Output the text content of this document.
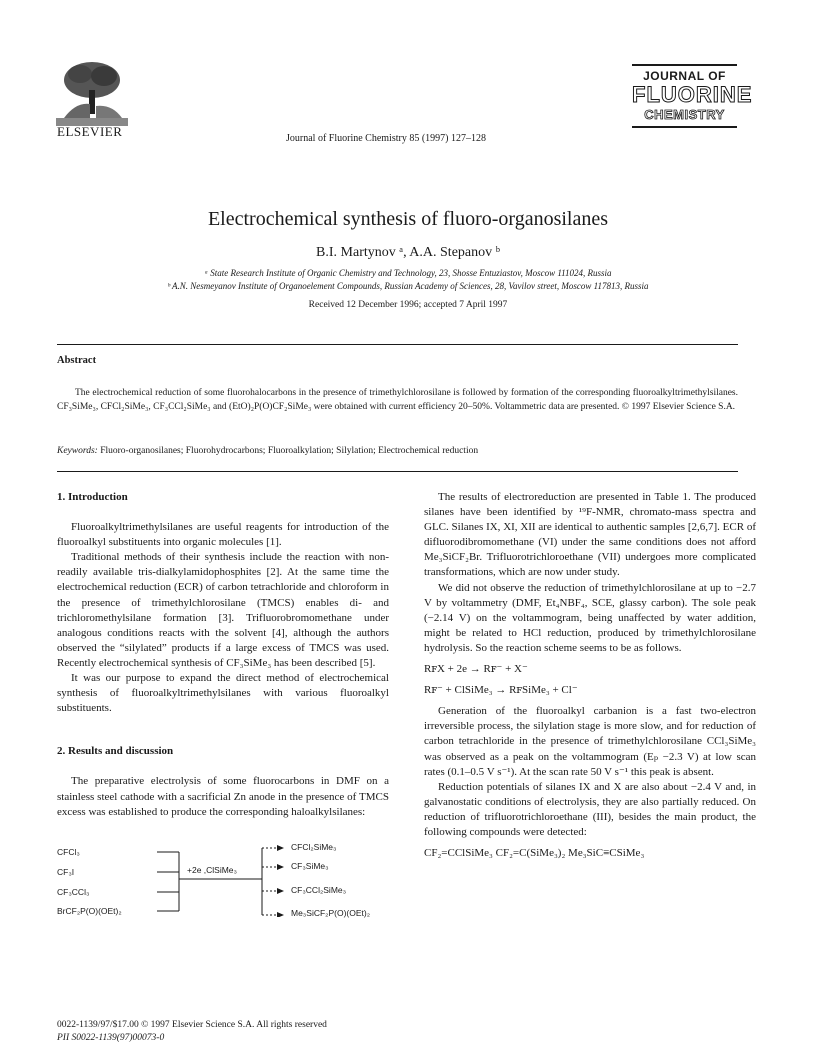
ELSEVIER	Journal of Fluorine Chemistry 85 (1997) 127–128
JOURNAL OF
FLUORINE
CHEMISTRY
Electrochemical synthesis of fluoro-organosilanes
B.I. Martynov ᵃ, A.A. Stepanov ᵇ
ᵃ State Research Institute of Organic Chemistry and Technology, 23, Shosse Entuziastov, Moscow 111024, Russia
ᵇ A.N. Nesmeyanov Institute of Organoelement Compounds, Russian Academy of Sciences, 28, Vavilov street, Moscow 117813, Russia
Received 12 December 1996; accepted 7 April 1997
Abstract
The electrochemical reduction of some fluorohalocarbons in the presence of trimethylchlorosilane is followed by formation of the corresponding fluoroalkyltrimethylsilanes. CF₃SiMe₃, CFCl₂SiMe₃, CF₃CCl₂SiMe₃ and (EtO)₂P(O)CF₂SiMe₃ were obtained with current efficiency 20–50%. Voltammetric data are presented. © 1997 Elsevier Science S.A.
Keywords: Fluoro-organosilanes; Fluorohydrocarbons; Fluoroalkylation; Silylation; Electrochemical reduction
1. Introduction
Fluoroalkyltrimethylsilanes are useful reagents for introduction of the fluoroalkyl substituents into organic molecules [1].
Traditional methods of their synthesis include the reaction with non-readily available tris-dialkylamidophosphites [2]. At the same time the electrochemical reduction (ECR) of carbon tetrachloride and chloroform in the presence of trimethylchlorosilane (TMCS) enables di- and trichloromethylsilane formation [3]. Trifluorobromomethane under analogous conditions reacts with the solvent [4], although the authors observed the “silylated” products if a large excess of TMCS was used. Recently electrochemical synthesis of CF₃SiMe₃ has been described [5].
It was our purpose to expand the direct method of electrochemical synthesis of fluoroalkyltrimethylsilanes with various fluoroalkyl substituents.
2. Results and discussion
The preparative electrolysis of some fluorocarbons in DMF on a stainless steel cathode with a sacrificial Zn anode in the presence of TMCS excess was established to produce the corresponding haloalkylsilanes:
CFCl₃
CF₃I
CF₃CCl₃
BrCF₂P(O)(OEt)₂
+2e ,ClSiMe₃
CFCl₂SiMe₃
CF₃SiMe₃
CF₃CCl₂SiMe₃
Me₃SiCF₂P(O)(OEt)₂
0022-1139/97/$17.00 © 1997 Elsevier Science S.A. All rights reserved
PII S0022-1139(97)00073-0
The results of electroreduction are presented in Table 1. The produced silanes have been identified by ¹⁹F-NMR, chromato-mass spectra and GLC. Silanes IX, XI, XII are identical to authentic samples [2,6,7]. ECR of difluorodibromomethane (VI) under the same conditions does not afford Me₃SiCF₂Br. Trifluorotrichloroethane (VII) undergoes more complicated transformations, which are now under study.
We did not observe the reduction of trimethylchlorosilane at up to −2.7 V by voltammetry (DMF, Et₄NBF₄, SCE, glassy carbon). The sole peak (−2.14 V) on the voltammogram, being unaffected by water addition, might be related to HCl reduction, produced by trimethylchlorosilane hydrolysis. So the reaction scheme seems to be as follows.
RꜰX + 2e → Rꜰ⁻ + X⁻
Rꜰ⁻ + ClSiMe₃ → RꜰSiMe₃ + Cl⁻
Generation of the fluoroalkyl carbanion is a fast two-electron irreversible process, the silylation stage is more slow, and for reduction of carbon tetrachloride in the presence of trimethylchlorosilane CCl₃SiMe₃ was observed as a peak on the voltammogram (Eₚ −2.3 V) at low scan rates (0.1–0.5 V s⁻¹). At the scan rate 50 V s⁻¹ this peak is absent.
Reduction potentials of silanes IX and X are also about −2.4 V and, in galvanostatic conditions of electrolysis, they are also partially reduced. On reduction of trifluorotrichloroethane (III), besides the main product, the following compounds were detected:
CF₂=CClSiMe₃ CF₂=C(SiMe₃)₂ Me₃SiC≡CSiMe₃
